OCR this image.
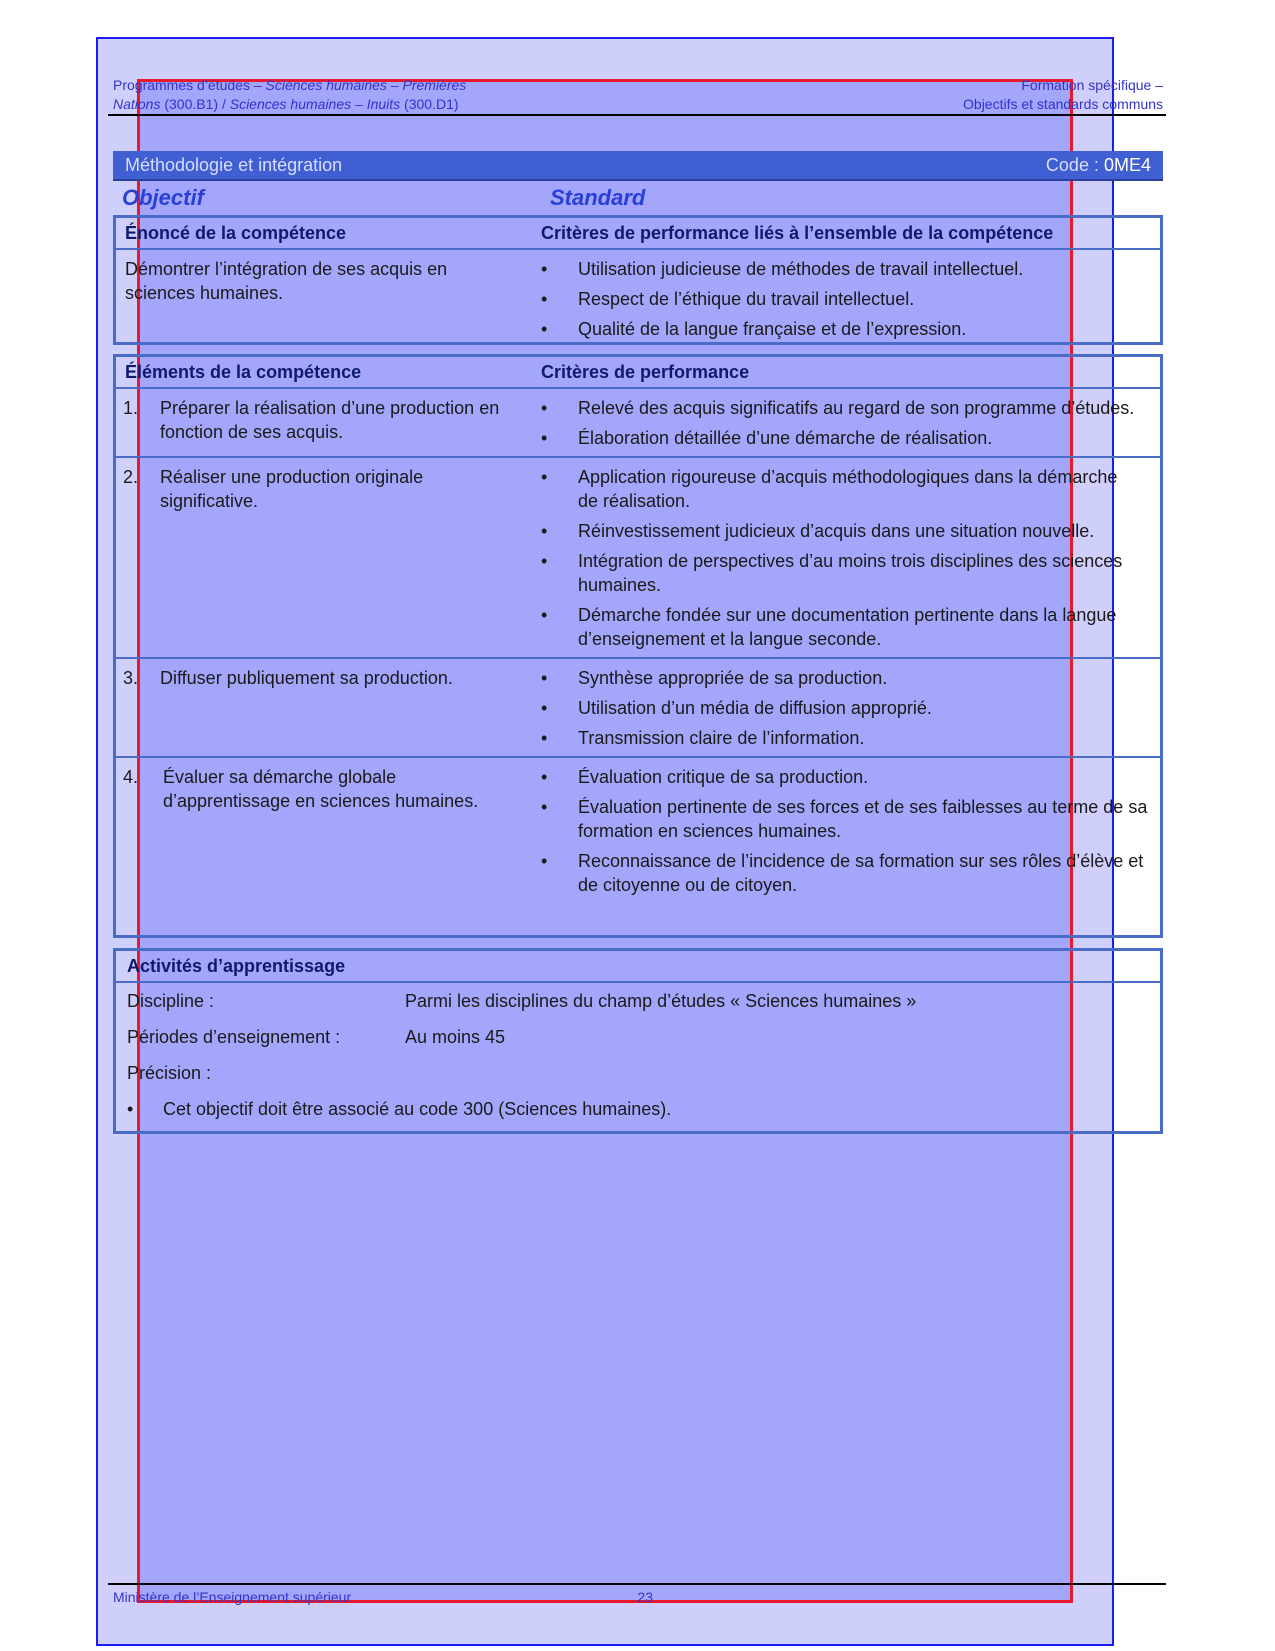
Programmes d’études – Sciences humaines – Premières	Formation spécifique –
Nations (300.B1) / Sciences humaines – Inuits (300.D1)	Objectifs et standards communs
Méthodologie et intégration	Code : 0ME4
Objectif	Standard
Énoncé de la compétence	Critères de performance liés à l’ensemble de la compétence
Démontrer l’intégration de ses acquis en sciences humaines.
•
Utilisation judicieuse de méthodes de travail intellectuel.
•
Respect de l’éthique du travail intellectuel.
•
Qualité de la langue française et de l’expression.
Éléments de la compétence	Critères de performance
1.	Préparer la réalisation d’une production en fonction de ses acquis.
•
Relevé des acquis significatifs au regard de son programme d’études.
•
Élaboration détaillée d’une démarche de réalisation.
2.	Réaliser une production originale significative.
•
Application rigoureuse d’acquis méthodologiques dans la démarche de réalisation.
•
Réinvestissement judicieux d’acquis dans une situation nouvelle.
•
Intégration de perspectives d’au moins trois disciplines des sciences humaines.
•
Démarche fondée sur une documentation pertinente dans la langue d’enseignement et la langue seconde.
3.	Diffuser publiquement sa production.
•	Synthèse appropriée de sa production.
•
Utilisation d’un média de diffusion approprié.
•
Transmission claire de l’information.
4.	Évaluer sa démarche globale d’apprentissage en sciences humaines.
•
Évaluation critique de sa production.
•
Évaluation pertinente de ses forces et de ses faiblesses au terme de sa formation en sciences humaines.
•
Reconnaissance de l’incidence de sa formation sur ses rôles d’élève et de citoyenne ou de citoyen.
Activités d’apprentissage
Discipline :	Parmi les disciplines du champ d’études « Sciences humaines »
Périodes d’enseignement :	Au moins 45
Précision :
•
Cet objectif doit être associé au code 300 (Sciences humaines).
Ministère de l’Enseignement supérieur	23
